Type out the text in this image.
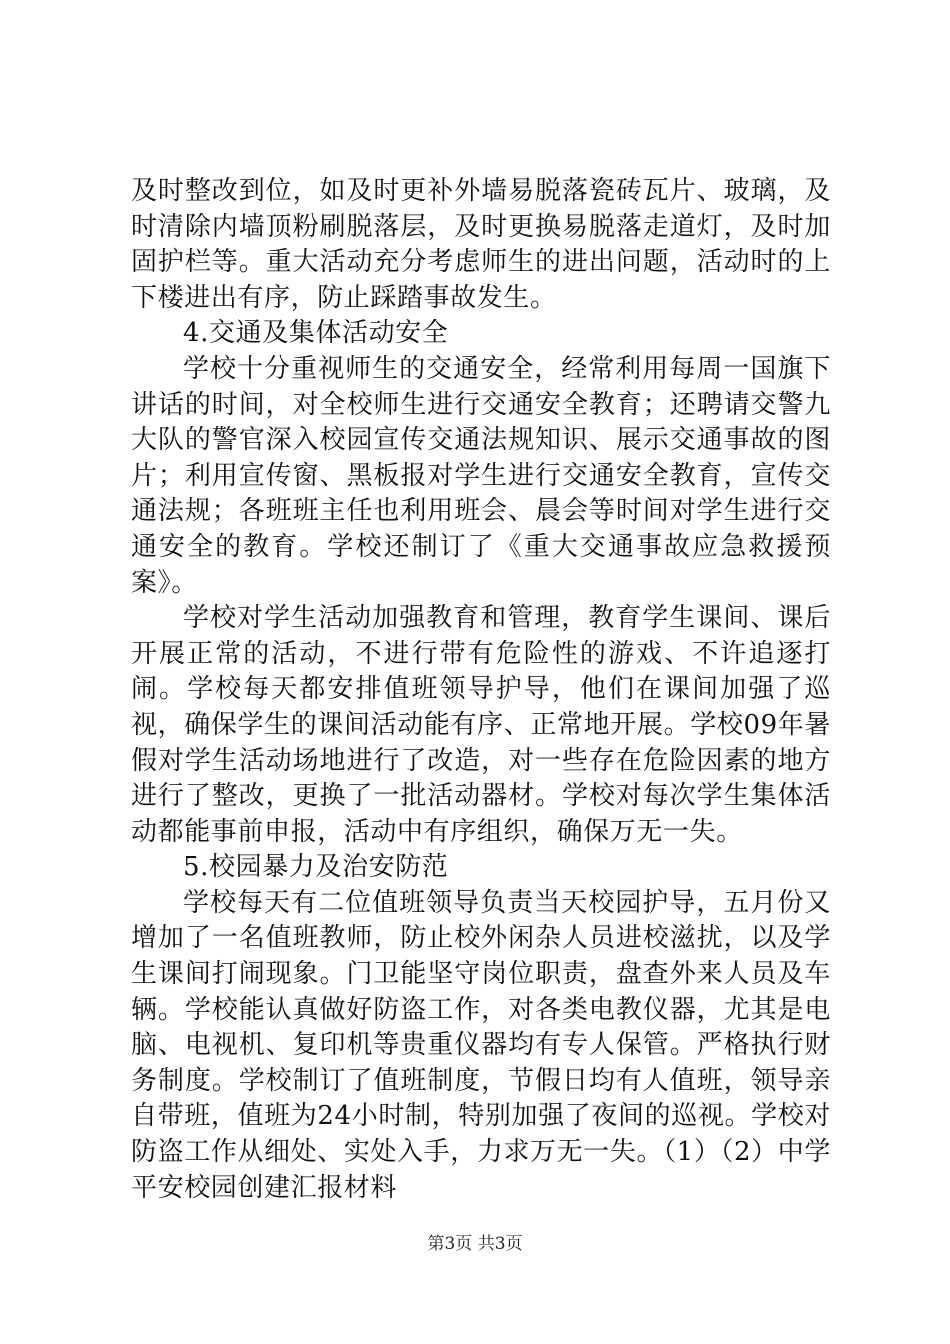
及时整改到位，如及时更补外墙易脱落瓷砖瓦片、玻璃，及时清除内墙顶粉刷脱落层，及时更换易脱落走道灯，及时加固护栏等。重大活动充分考虑师生的进出问题，活动时的上下楼进出有序，防止踩踏事故发生。

4.交通及集体活动安全

学校十分重视师生的交通安全，经常利用每周一国旗下讲话的时间，对全校师生进行交通安全教育；还聘请交警九大队的警官深入校园宣传交通法规知识、展示交通事故的图片；利用宣传窗、黑板报对学生进行交通安全教育，宣传交通法规；各班班主任也利用班会、晨会等时间对学生进行交通安全的教育。学校还制订了《重大交通事故应急救援预案》。

学校对学生活动加强教育和管理，教育学生课间、课后开展正常的活动，不进行带有危险性的游戏、不许追逐打闹。学校每天都安排值班领导护导，他们在课间加强了巡视，确保学生的课间活动能有序、正常地开展。学校09年暑假对学生活动场地进行了改造，对一些存在危险因素的地方进行了整改，更换了一批活动器材。学校对每次学生集体活动都能事前申报，活动中有序组织，确保万无一失。

5.校园暴力及治安防范

学校每天有二位值班领导负责当天校园护导，五月份又增加了一名值班教师，防止校外闲杂人员进校滋扰，以及学生课间打闹现象。门卫能坚守岗位职责，盘查外来人员及车辆。学校能认真做好防盗工作，对各类电教仪器，尤其是电脑、电视机、复印机等贵重仪器均有专人保管。严格执行财务制度。学校制订了值班制度，节假日均有人值班，领导亲自带班，值班为24小时制，特别加强了夜间的巡视。学校对防盗工作从细处、实处入手，力求万无一失。（1）（2）中学平安校园创建汇报材料

第3页 共3页
